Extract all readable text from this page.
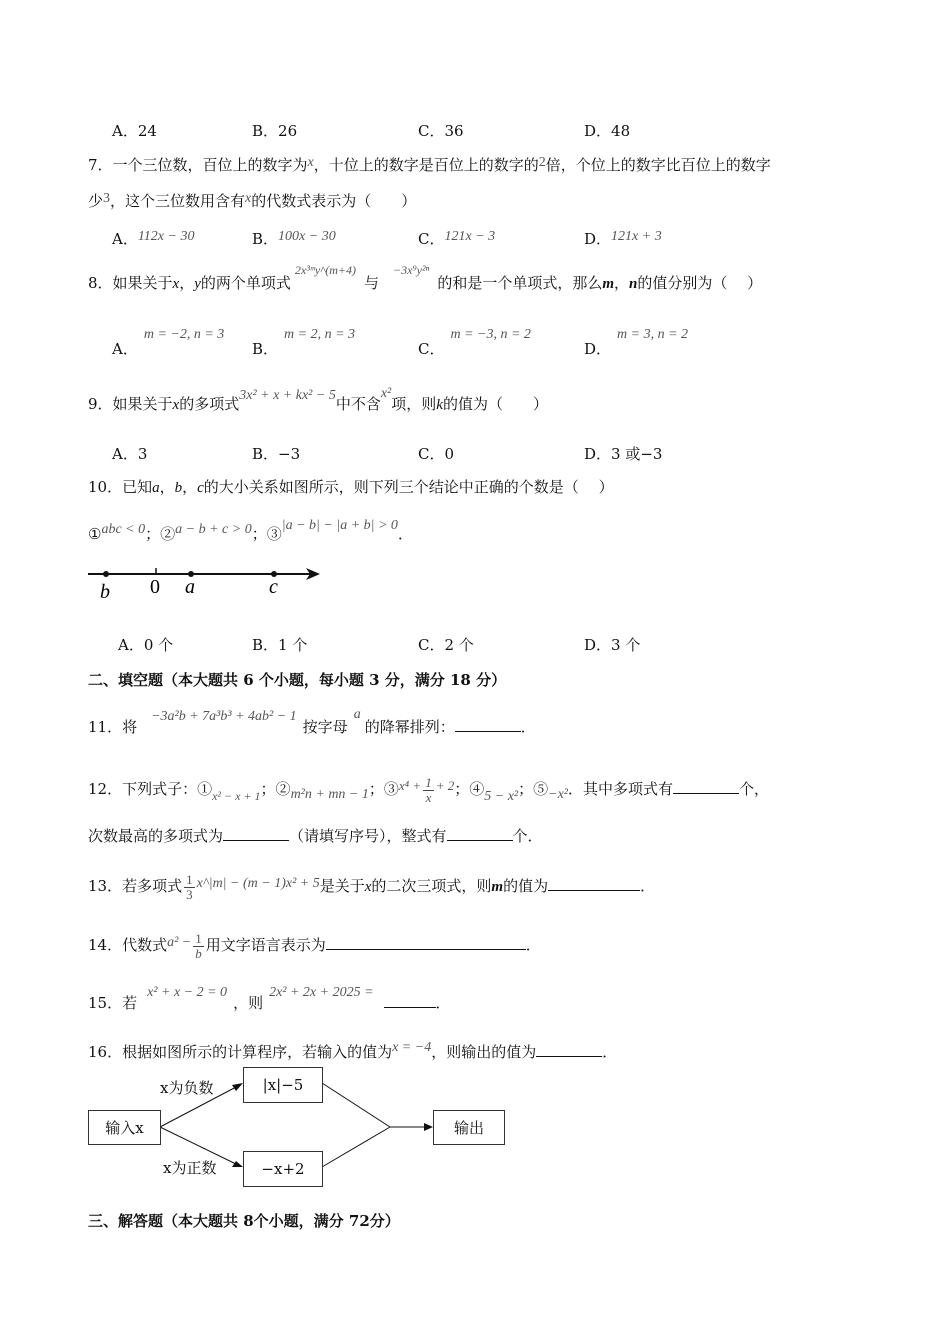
A．24	B．26	C．36	D．48
7．一个三位数，百位上的数字为x，十位上的数字是百位上的数字的2倍，个位上的数字比百位上的数字
少3，这个三位数用含有x的代数式表示为（　　）
A．112x − 30	B．100x − 30	C．121x − 3	D．121x + 3
8．如果关于x，y的两个单项式$^{2x^3ᵐy\^{}(m+4)}$与$^{-3x^9y^{2n}}$的和是一个单项式，那么m，n的值分别为（　 ）
A．m = −2, n = 3
B．m = 2, n = 3
C．m = −3, n = 2
D．m = 3, n = 2
9．如果关于x的多项式3x² + x + kx² − 5中不含x²项，则k的值为（　　）
A．3	B．−3	C．0	D．3 或−3
10．已知a，b，c的大小关系如图所示，则下列三个结论中正确的个数是（　 ）
①abc < 0；②a − b + c > 0；③|a − b| − |a + b| > 0．
b 0 a	c
A．0 个	B．1 个	C．2 个	D．3 个
二、填空题（本大题共 6 个小题，每小题 3 分，满分 18 分）
11．将−3a²b + 7a³b³ + 4ab² − 1按字母a的降幂排列：	．
12．下列式子：$①_{x^2 - x + 1}$；②m²n + mn − 1；③x⁴ + $\frac{1}{x} + 2$；④5 − x²；⑤−x²．其中多项式有	个，
次数最高的多项式为	（请填写序号），整式有	个．
13．若多项式 $\frac{1}{3}$ x^|m| − (m − 1)x² + 5是关于x的二次三项式，则m的值为	．
14．代数式$a^2 - \frac{1}{b}$ 用文字语言表示为	．
15．若x² + x − 2 = 0，则2x² + 2x + 2025 =．
16．根据如图所示的计算程序，若输入的值为x = −4，则输出的值为	．
输入x
|x|−5
−x+2
输出
x为负数
x为正数
三、解答题（本大题共 8个小题，满分 72分）
